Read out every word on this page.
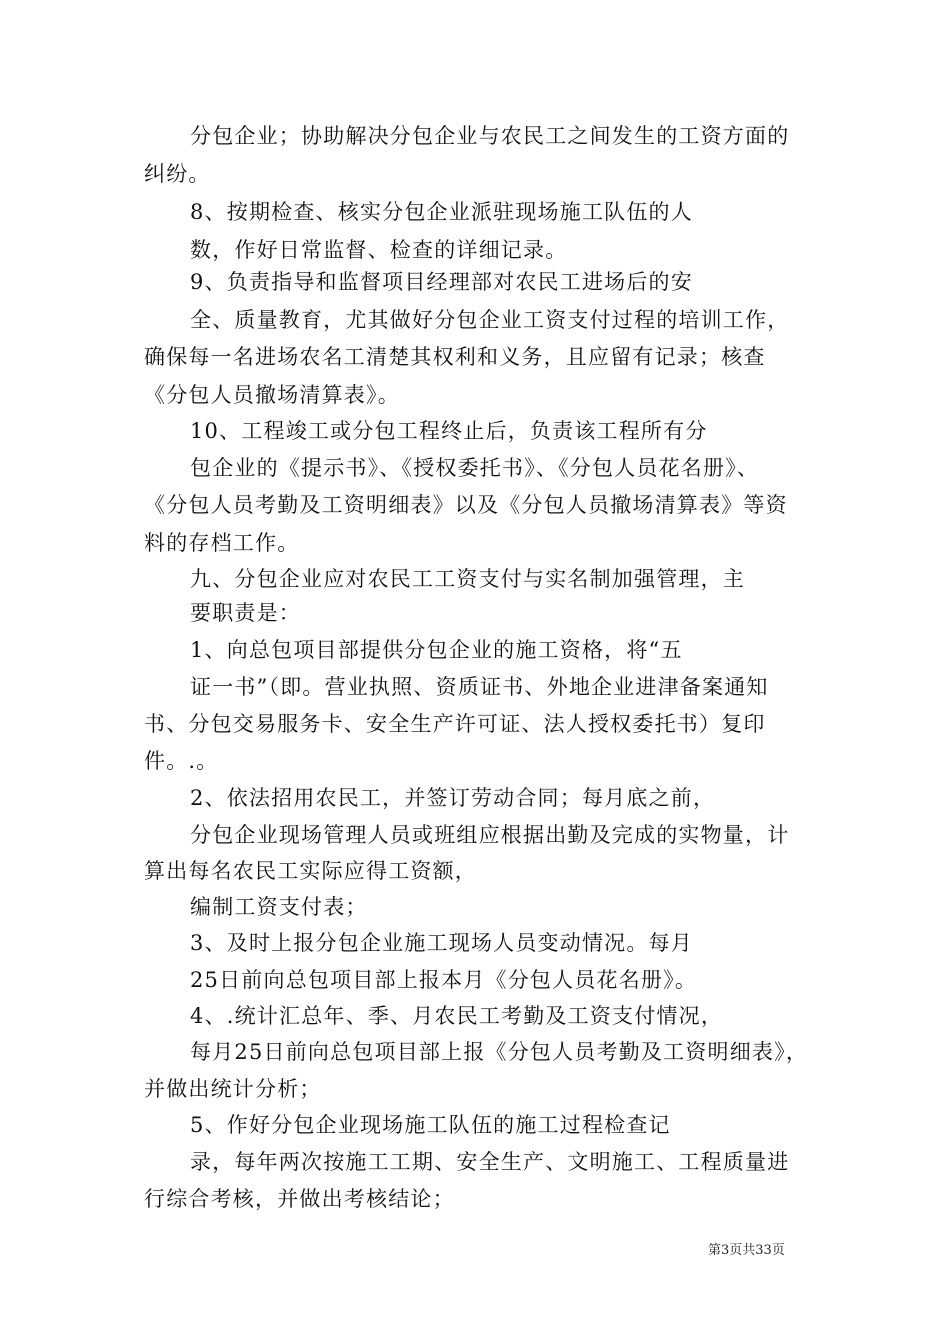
分包企业；协助解决分包企业与农民工之间发生的工资方面的
纠纷。
8、按期检查、核实分包企业派驻现场施工队伍的人
数，作好日常监督、检查的详细记录。
9、负责指导和监督项目经理部对农民工进场后的安
全、质量教育，尤其做好分包企业工资支付过程的培训工作，
确保每一名进场农名工清楚其权利和义务，且应留有记录；核查
《分包人员撤场清算表》。
10、工程竣工或分包工程终止后，负责该工程所有分
包企业的《提示书》、《授权委托书》、《分包人员花名册》、
《分包人员考勤及工资明细表》以及《分包人员撤场清算表》等资
料的存档工作。
九、分包企业应对农民工工资支付与实名制加强管理，主
要职责是：
1、向总包项目部提供分包企业的施工资格，将“五
证一书”（即。营业执照、资质证书、外地企业进津备案通知
书、分包交易服务卡、安全生产许可证、法人授权委托书）复印
件。.。
2、依法招用农民工，并签订劳动合同；每月底之前，
分包企业现场管理人员或班组应根据出勤及完成的实物量，计
算出每名农民工实际应得工资额，
编制工资支付表；
3、及时上报分包企业施工现场人员变动情况。每月
25日前向总包项目部上报本月《分包人员花名册》。
4、.统计汇总年、季、月农民工考勤及工资支付情况，
每月25日前向总包项目部上报《分包人员考勤及工资明细表》，
并做出统计分析；
5、作好分包企业现场施工队伍的施工过程检查记
录，每年两次按施工工期、安全生产、文明施工、工程质量进
行综合考核，并做出考核结论；
第3页共33页
